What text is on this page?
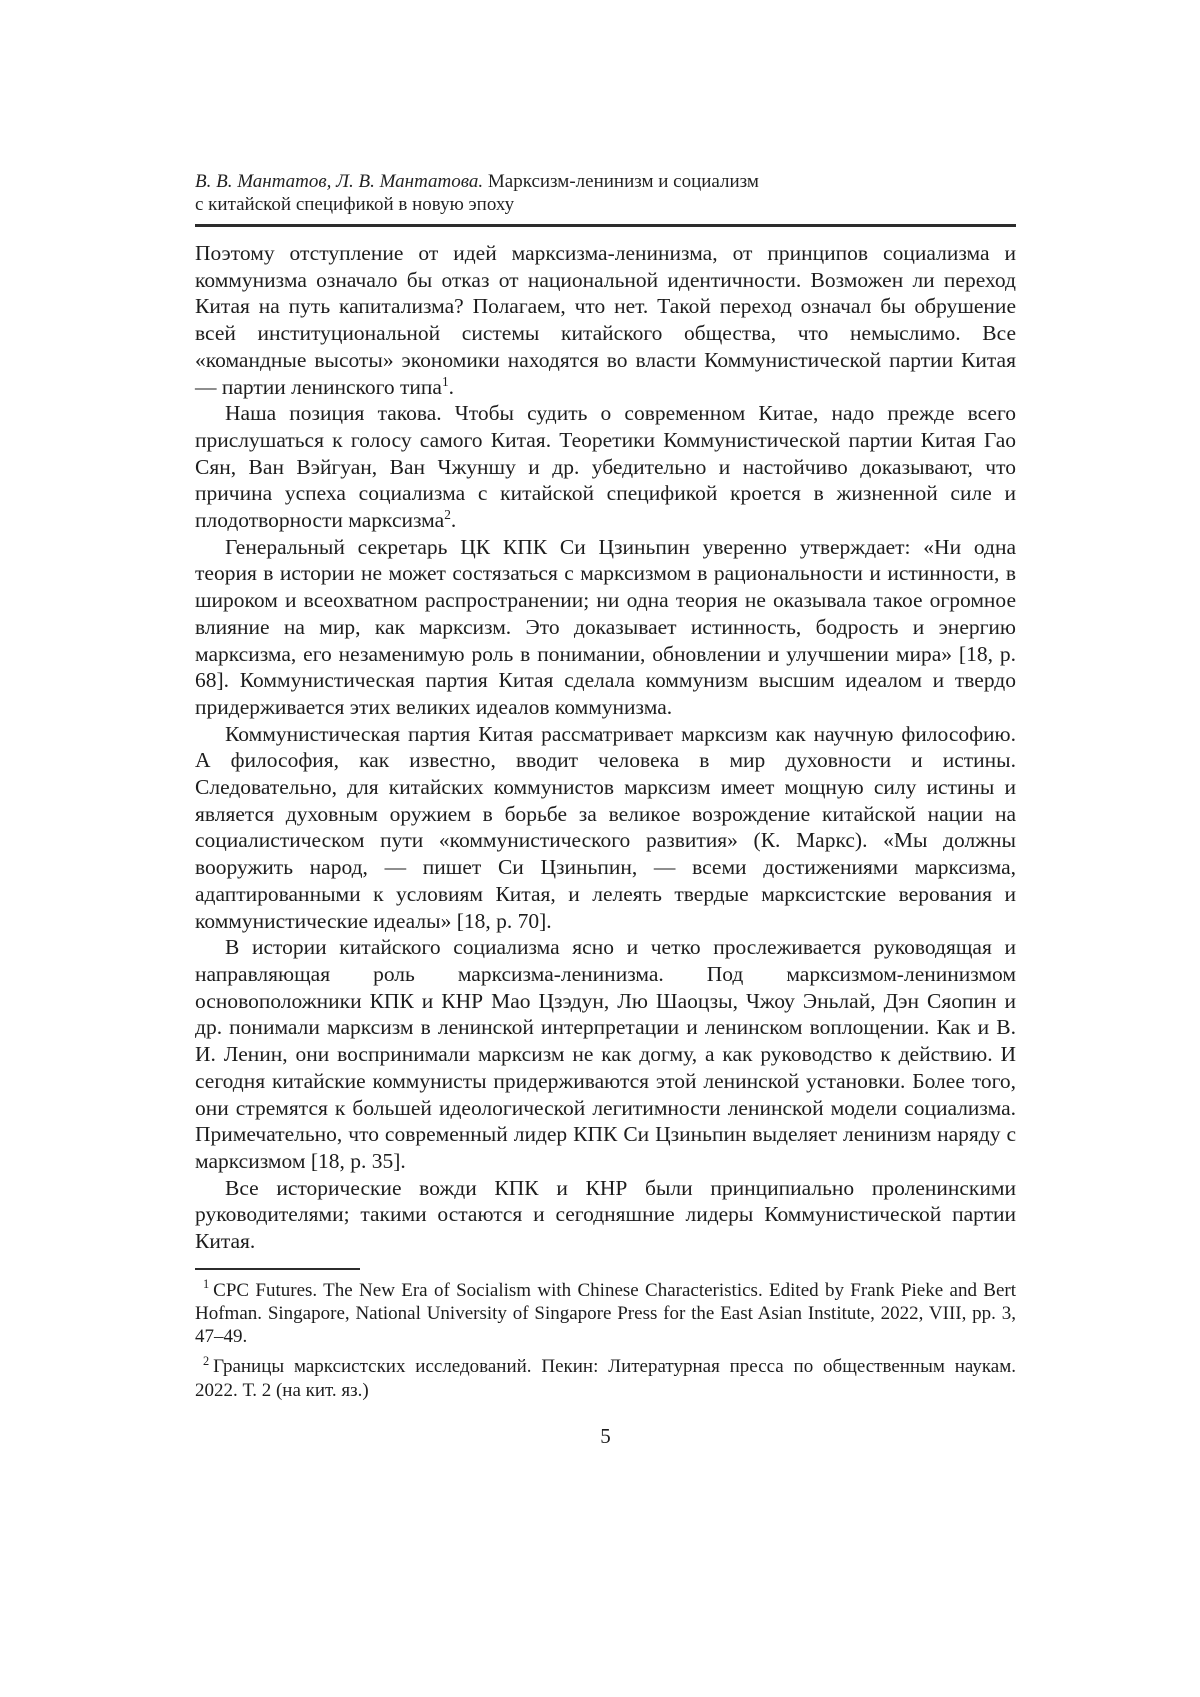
В. В. Мантатов, Л. В. Мантатова. Марксизм-ленинизм и социализм
с китайской спецификой в новую эпоху

Поэтому отступление от идей марксизма-ленинизма, от принципов социализма и коммунизма означало бы отказ от национальной идентичности. Возможен ли переход Китая на путь капитализма? Полагаем, что нет. Такой переход означал бы обрушение всей институциональной системы китайского общества, что немыслимо. Все «командные высоты» экономики находятся во власти Коммунистической партии Китая — партии ленинского типа$^1$.

Наша позиция такова. Чтобы судить о современном Китае, надо прежде всего прислушаться к голосу самого Китая. Теоретики Коммунистической партии Китая Гао Сян, Ван Вэйгуан, Ван Чжуншу и др. убедительно и настойчиво доказывают, что причина успеха социализма с китайской спецификой кроется в жизненной силе и плодотворности марксизма$^2$.

Генеральный секретарь ЦК КПК Си Цзиньпин уверенно утверждает: «Ни одна теория в истории не может состязаться с марксизмом в рациональности и истинности, в широком и всеохватном распространении; ни одна теория не оказывала такое огромное влияние на мир, как марксизм. Это доказывает истинность, бодрость и энергию марксизма, его незаменимую роль в понимании, обновлении и улучшении мира» [18, p. 68]. Коммунистическая партия Китая сделала коммунизм высшим идеалом и твердо придерживается этих великих идеалов коммунизма.

Коммунистическая партия Китая рассматривает марксизм как научную философию. А философия, как известно, вводит человека в мир духовности и истины. Следовательно, для китайских коммунистов марксизм имеет мощную силу истины и является духовным оружием в борьбе за великое возрождение китайской нации на социалистическом пути «коммунистического развития» (К. Маркс). «Мы должны вооружить народ, — пишет Си Цзиньпин, — всеми достижениями марксизма, адаптированными к условиям Китая, и лелеять твердые марксистские верования и коммунистические идеалы» [18, p. 70].

В истории китайского социализма ясно и четко прослеживается руководящая и направляющая роль марксизма-ленинизма. Под марксизмом-ленинизмом основоположники КПК и КНР Мао Цзэдун, Лю Шаоцзы, Чжоу Эньлай, Дэн Сяопин и др. понимали марксизм в ленинской интерпретации и ленинском воплощении. Как и В. И. Ленин, они воспринимали марксизм не как догму, а как руководство к действию. И сегодня китайские коммунисты придерживаются этой ленинской установки. Более того, они стремятся к большей идеологической легитимности ленинской модели социализма. Примечательно, что современный лидер КПК Си Цзиньпин выделяет ленинизм наряду с марксизмом [18, p. 35].

Все исторические вожди КПК и КНР были принципиально проленинскими руководителями; такими остаются и сегодняшние лидеры Коммунистической партии Китая.

$^1$ CPC Futures. The New Era of Socialism with Chinese Characteristics. Edited by Frank Pieke and Bert Hofman. Singapore, National University of Singapore Press for the East Asian Institute, 2022, VIII, pp. 3, 47–49.

$^2$ Границы марксистских исследований. Пекин: Литературная пресса по общественным наукам. 2022. Т. 2 (на кит. яз.)

5
